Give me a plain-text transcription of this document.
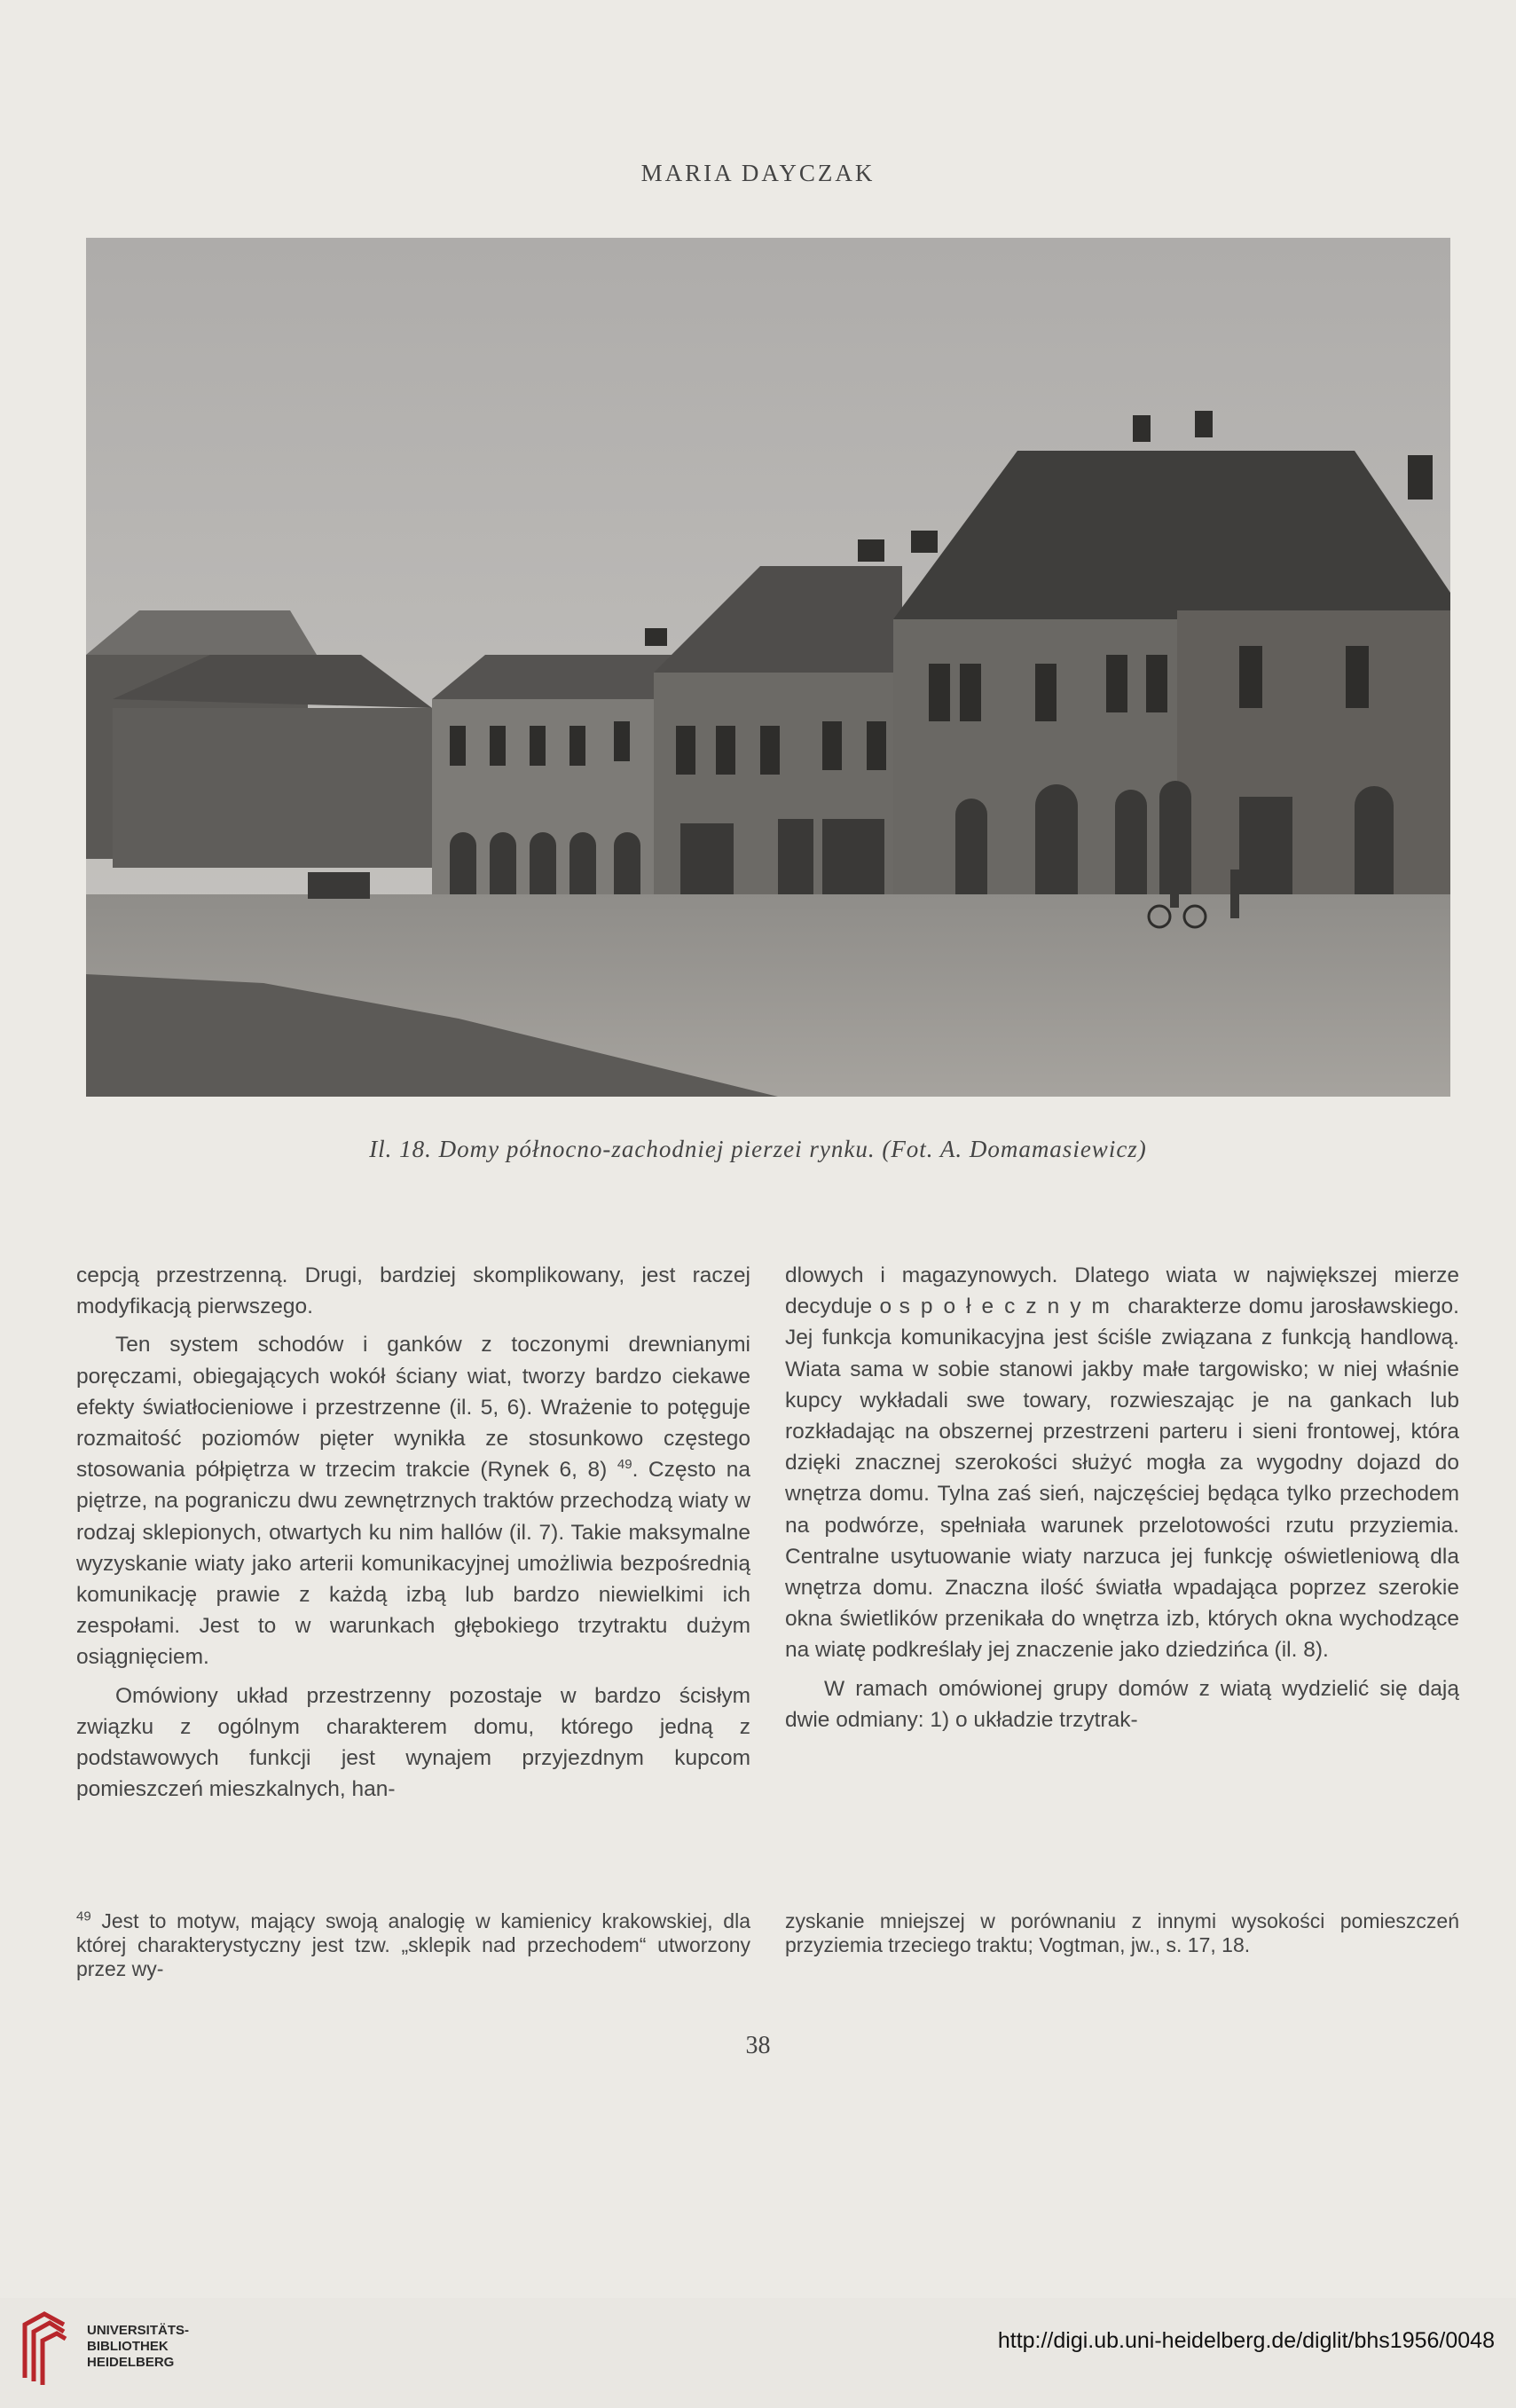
MARIA DAYCZAK
Il. 18. Domy północno-zachodniej pierzei rynku. (Fot. A. Domamasiewicz)

cepcją przestrzenną. Drugi, bardziej skomplikowany, jest raczej modyfikacją pierwszego.

Ten system schodów i ganków z toczonymi drewnianymi poręczami, obiegających wokół ściany wiat, tworzy bardzo ciekawe efekty światłocieniowe i przestrzenne (il. 5, 6). Wrażenie to potęguje rozmaitość poziomów pięter wynikła ze stosunkowo częstego stosowania półpiętrza w trzecim trakcie (Rynek 6, 8) $^{49}$. Często na piętrze, na pograniczu dwu zewnętrznych traktów przechodzą wiaty w rodzaj sklepionych, otwartych ku nim hallów (il. 7). Takie maksymalne wyzyskanie wiaty jako arterii komunikacyjnej umożliwia bezpośrednią komunikację prawie z każdą izbą lub bardzo niewielkimi ich zespołami. Jest to w warunkach głębokiego trzytraktu dużym osiągnięciem.

Omówiony układ przestrzenny pozostaje w bardzo ścisłym związku z ogólnym charakterem domu, którego jedną z podstawowych funkcji jest wynajem przyjezdnym kupcom pomieszczeń mieszkalnych, han-

dlowych i magazynowych. Dlatego wiata w największej mierze decyduje o społecznym charakterze domu jarosławskiego. Jej funkcja komunikacyjna jest ściśle związana z funkcją handlową. Wiata sama w sobie stanowi jakby małe targowisko; w niej właśnie kupcy wykładali swe towary, rozwieszając je na gankach lub rozkładając na obszernej przestrzeni parteru i sieni frontowej, która dzięki znacznej szerokości służyć mogła za wygodny dojazd do wnętrza domu. Tylna zaś sień, najczęściej będąca tylko przechodem na podwórze, spełniała warunek przelotowości rzutu przyziemia. Centralne usytuowanie wiaty narzuca jej funkcję oświetleniową dla wnętrza domu. Znaczna ilość światła wpadająca poprzez szerokie okna świetlików przenikała do wnętrza izb, których okna wychodzące na wiatę podkreślały jej znaczenie jako dziedzińca (il. 8).

W ramach omówionej grupy domów z wiatą wydzielić się dają dwie odmiany: 1) o układzie trzytrak-

$^{49}$ Jest to motyw, mający swoją analogię w kamienicy krakowskiej, dla której charakterystyczny jest tzw. „sklepik nad przechodem“ utworzony przez wy-

zyskanie mniejszej w porównaniu z innymi wysokości pomieszczeń przyziemia trzeciego traktu; Vogtman, jw., s. 17, 18.

38
UNIVERSITÄTS-
BIBLIOTHEK
HEIDELBERG
http://digi.ub.uni-heidelberg.de/diglit/bhs1956/0048
